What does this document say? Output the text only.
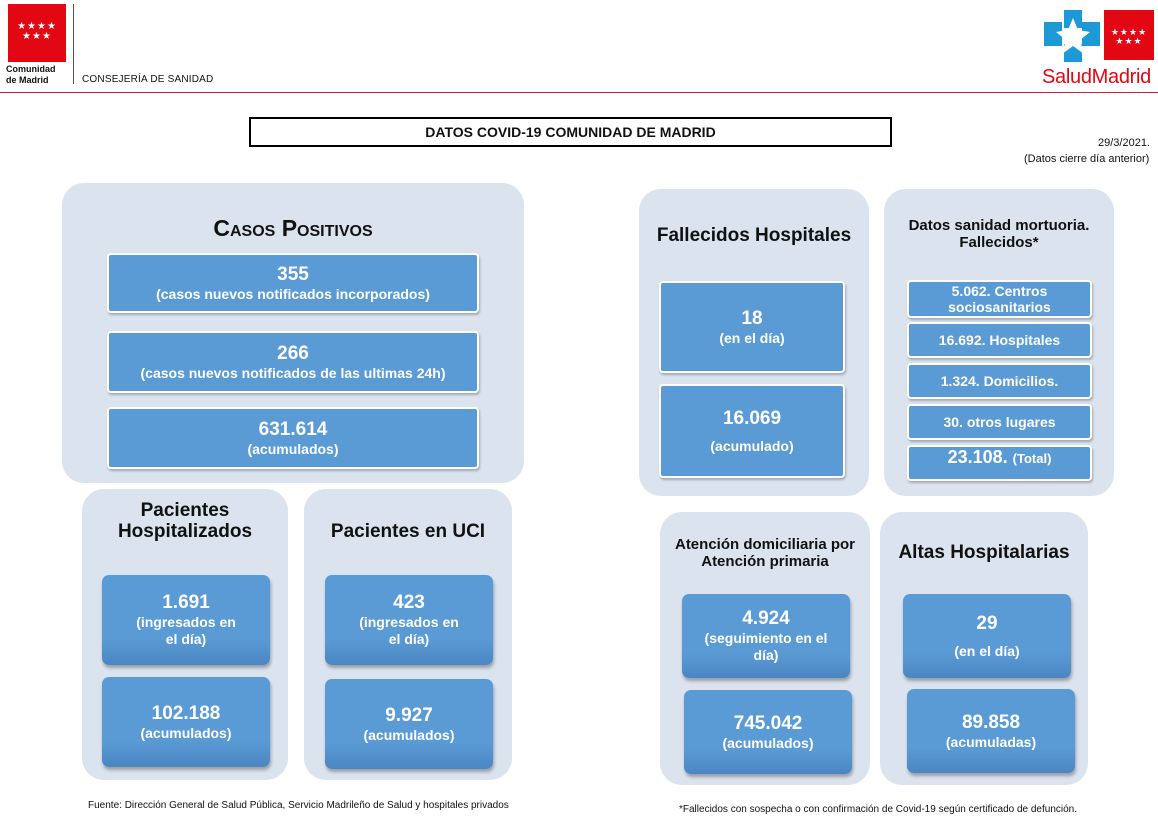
★★★★
★★★
Comunidad
de Madrid	CONSEJERÍA DE SANIDAD
★★★★
★★★
SaludMadrid
DATOS COVID-19 COMUNIDAD DE MADRID
29/3/2021.
(Datos cierre día anterior)
Casos Positivos
355
(casos nuevos notificados incorporados)
266
(casos nuevos notificados de las ultimas 24h)
631.614
(acumulados)
Pacientes
Hospitalizados
1.691
(ingresados en
el día)
102.188
(acumulados)
Pacientes en UCI
423
(ingresados en
el día)
9.927
(acumulados)
Fallecidos Hospitales
18
(en el día)
16.069
(acumulado)
Datos sanidad mortuoria.
Fallecidos*
5.062. Centros
sociosanitarios
16.692. Hospitales
1.324. Domicilios.
30. otros lugares
23.108. (Total)
Atención domiciliaria por
Atención primaria
4.924
(seguimiento en el
día)
745.042
(acumulados)
Altas Hospitalarias
29
(en el día)
89.858
(acumuladas)
Fuente: Dirección General de Salud Pública, Servicio Madrileño de Salud y hospitales privados	*Fallecidos con sospecha o con confirmación de Covid-19 según certificado de defunción.
